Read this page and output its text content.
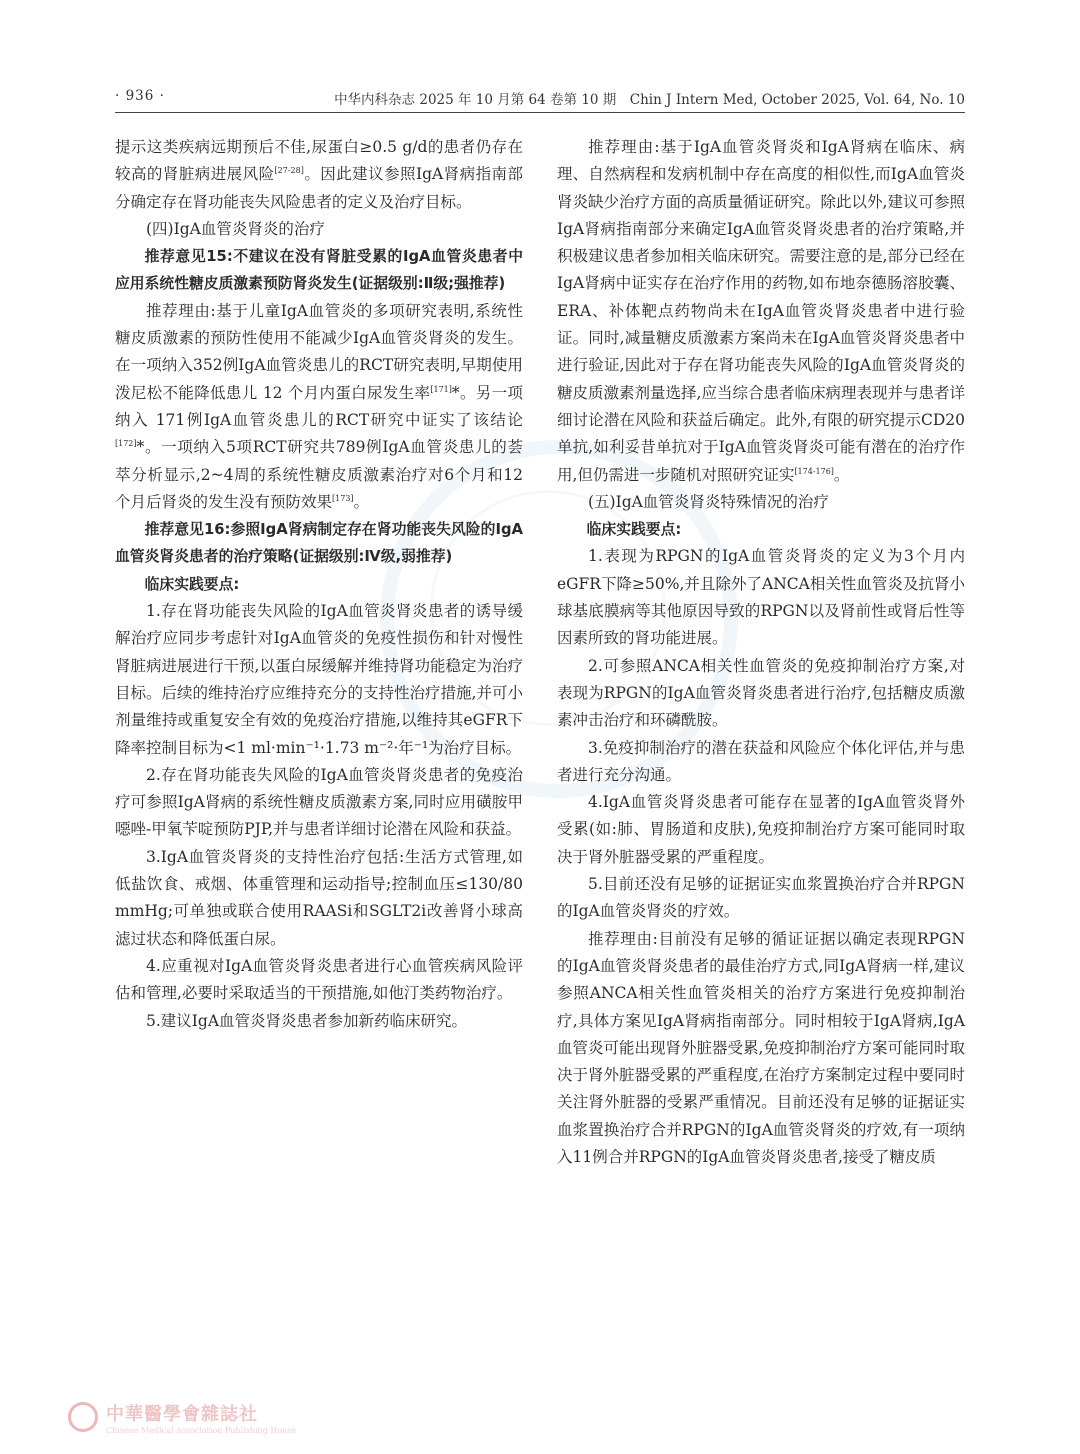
· 936 ·	中华内科杂志 2025 年 10 月第 64 卷第 10 期　Chin J Intern Med, October 2025, Vol. 64, No. 10

提示这类疾病远期预后不佳,尿蛋白≥0.5 g/d的患者仍存在较高的肾脏病进展风险[27-28]。因此建议参照IgA肾病指南部分确定存在肾功能丧失风险患者的定义及治疗目标。

(四)IgA血管炎肾炎的治疗

推荐意见15:不建议在没有肾脏受累的IgA血管炎患者中应用系统性糖皮质激素预防肾炎发生(证据级别:Ⅱ级;强推荐)

推荐理由:基于儿童IgA血管炎的多项研究表明,系统性糖皮质激素的预防性使用不能减少IgA血管炎肾炎的发生。在一项纳入352例IgA血管炎患儿的RCT研究表明,早期使用泼尼松不能降低患儿 12 个月内蛋白尿发生率[171]*。另一项纳入 171例IgA血管炎患儿的RCT研究中证实了该结论[172]*。一项纳入5项RCT研究共789例IgA血管炎患儿的荟萃分析显示,2~4周的系统性糖皮质激素治疗对6个月和12个月后肾炎的发生没有预防效果[173]。

推荐意见16:参照IgA肾病制定存在肾功能丧失风险的IgA血管炎肾炎患者的治疗策略(证据级别:Ⅳ级,弱推荐)

临床实践要点:

1.存在肾功能丧失风险的IgA血管炎肾炎患者的诱导缓解治疗应同步考虑针对IgA血管炎的免疫性损伤和针对慢性肾脏病进展进行干预,以蛋白尿缓解并维持肾功能稳定为治疗目标。后续的维持治疗应维持充分的支持性治疗措施,并可小剂量维持或重复安全有效的免疫治疗措施,以维持其eGFR下降率控制目标为<1 ml·min⁻¹·1.73 m⁻²·年⁻¹为治疗目标。

2.存在肾功能丧失风险的IgA血管炎肾炎患者的免疫治疗可参照IgA肾病的系统性糖皮质激素方案,同时应用磺胺甲噁唑-甲氧苄啶预防PJP,并与患者详细讨论潜在风险和获益。

3.IgA血管炎肾炎的支持性治疗包括:生活方式管理,如低盐饮食、戒烟、体重管理和运动指导;控制血压≤130/80 mmHg;可单独或联合使用RAASi和SGLT2i改善肾小球高滤过状态和降低蛋白尿。

4.应重视对IgA血管炎肾炎患者进行心血管疾病风险评估和管理,必要时采取适当的干预措施,如他汀类药物治疗。

5.建议IgA血管炎肾炎患者参加新药临床研究。

推荐理由:基于IgA血管炎肾炎和IgA肾病在临床、病理、自然病程和发病机制中存在高度的相似性,而IgA血管炎肾炎缺少治疗方面的高质量循证研究。除此以外,建议可参照IgA肾病指南部分来确定IgA血管炎肾炎患者的治疗策略,并积极建议患者参加相关临床研究。需要注意的是,部分已经在IgA肾病中证实存在治疗作用的药物,如布地奈德肠溶胶囊、ERA、补体靶点药物尚未在IgA血管炎肾炎患者中进行验证。同时,减量糖皮质激素方案尚未在IgA血管炎肾炎患者中进行验证,因此对于存在肾功能丧失风险的IgA血管炎肾炎的糖皮质激素剂量选择,应当综合患者临床病理表现并与患者详细讨论潜在风险和获益后确定。此外,有限的研究提示CD20单抗,如利妥昔单抗对于IgA血管炎肾炎可能有潜在的治疗作用,但仍需进一步随机对照研究证实[174-176]。

(五)IgA血管炎肾炎特殊情况的治疗

临床实践要点:

1.表现为RPGN的IgA血管炎肾炎的定义为3个月内eGFR下降≥50%,并且除外了ANCA相关性血管炎及抗肾小球基底膜病等其他原因导致的RPGN以及肾前性或肾后性等因素所致的肾功能进展。

2.可参照ANCA相关性血管炎的免疫抑制治疗方案,对表现为RPGN的IgA血管炎肾炎患者进行治疗,包括糖皮质激素冲击治疗和环磷酰胺。

3.免疫抑制治疗的潜在获益和风险应个体化评估,并与患者进行充分沟通。

4.IgA血管炎肾炎患者可能存在显著的IgA血管炎肾外受累(如:肺、胃肠道和皮肤),免疫抑制治疗方案可能同时取决于肾外脏器受累的严重程度。

5.目前还没有足够的证据证实血浆置换治疗合并RPGN的IgA血管炎肾炎的疗效。

推荐理由:目前没有足够的循证证据以确定表现RPGN的IgA血管炎肾炎患者的最佳治疗方式,同IgA肾病一样,建议参照ANCA相关性血管炎相关的治疗方案进行免疫抑制治疗,具体方案见IgA肾病指南部分。同时相较于IgA肾病,IgA血管炎可能出现肾外脏器受累,免疫抑制治疗方案可能同时取决于肾外脏器受累的严重程度,在治疗方案制定过程中要同时关注肾外脏器的受累严重情况。目前还没有足够的证据证实血浆置换治疗合并RPGN的IgA血管炎肾炎的疗效,有一项纳入11例合并RPGN的IgA血管炎肾炎患者,接受了糖皮质

中華醫學會雜誌社
Chinese Medical Association Publishing House
